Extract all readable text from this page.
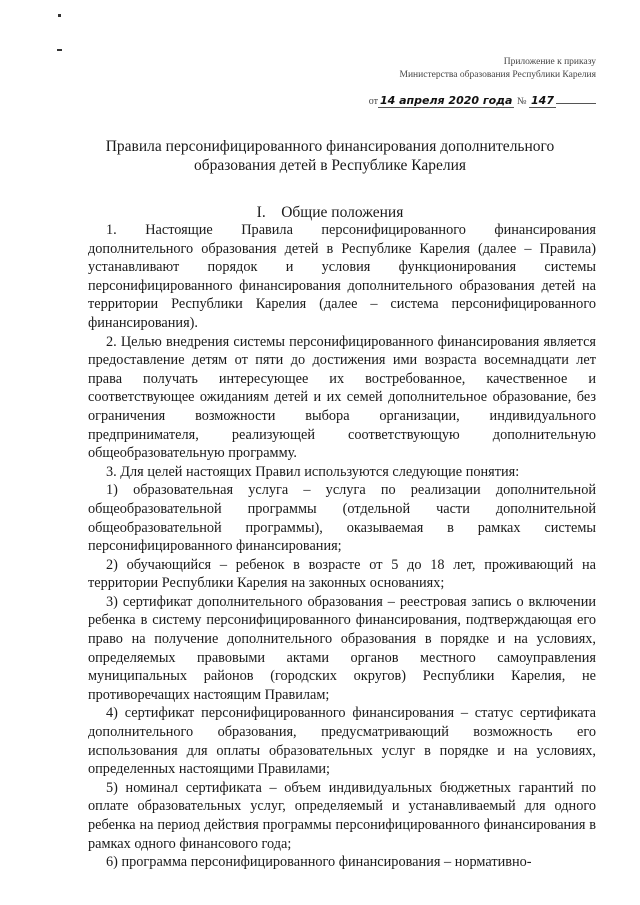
Приложение к приказу
Министерства образования Республики Карелия
от 14 апреля 2020 года № 147
Правила персонифицированного финансирования дополнительного
образования детей в Республике Карелия
I. Общие положения

1. Настоящие Правила персонифицированного финансирования дополнительного образования детей в Республике Карелия (далее – Правила) устанавливают порядок и условия функционирования системы персонифицированного финансирования дополнительного образования детей на территории Республики Карелия (далее – система персонифицированного финансирования).

2. Целью внедрения системы персонифицированного финансирования является предоставление детям от пяти до достижения ими возраста восемнадцати лет права получать интересующее их востребованное, качественное и соответствующее ожиданиям детей и их семей дополнительное образование, без ограничения возможности выбора организации, индивидуального предпринимателя, реализующей соответствующую дополнительную общеобразовательную программу.

3. Для целей настоящих Правил используются следующие понятия:

1) образовательная услуга – услуга по реализации дополнительной общеобразовательной программы (отдельной части дополнительной общеобразовательной программы), оказываемая в рамках системы персонифицированного финансирования;

2) обучающийся – ребенок в возрасте от 5 до 18 лет, проживающий на территории Республики Карелия на законных основаниях;

3) сертификат дополнительного образования – реестровая запись о включении ребенка в систему персонифицированного финансирования, подтверждающая его право на получение дополнительного образования в порядке и на условиях, определяемых правовыми актами органов местного самоуправления муниципальных районов (городских округов) Республики Карелия, не противоречащих настоящим Правилам;

4) сертификат персонифицированного финансирования – статус сертификата дополнительного образования, предусматривающий возможность его использования для оплаты образовательных услуг в порядке и на условиях, определенных настоящими Правилами;

5) номинал сертификата – объем индивидуальных бюджетных гарантий по оплате образовательных услуг, определяемый и устанавливаемый для одного ребенка на период действия программы персонифицированного финансирования в рамках одного финансового года;

6) программа персонифицированного финансирования – нормативно-
